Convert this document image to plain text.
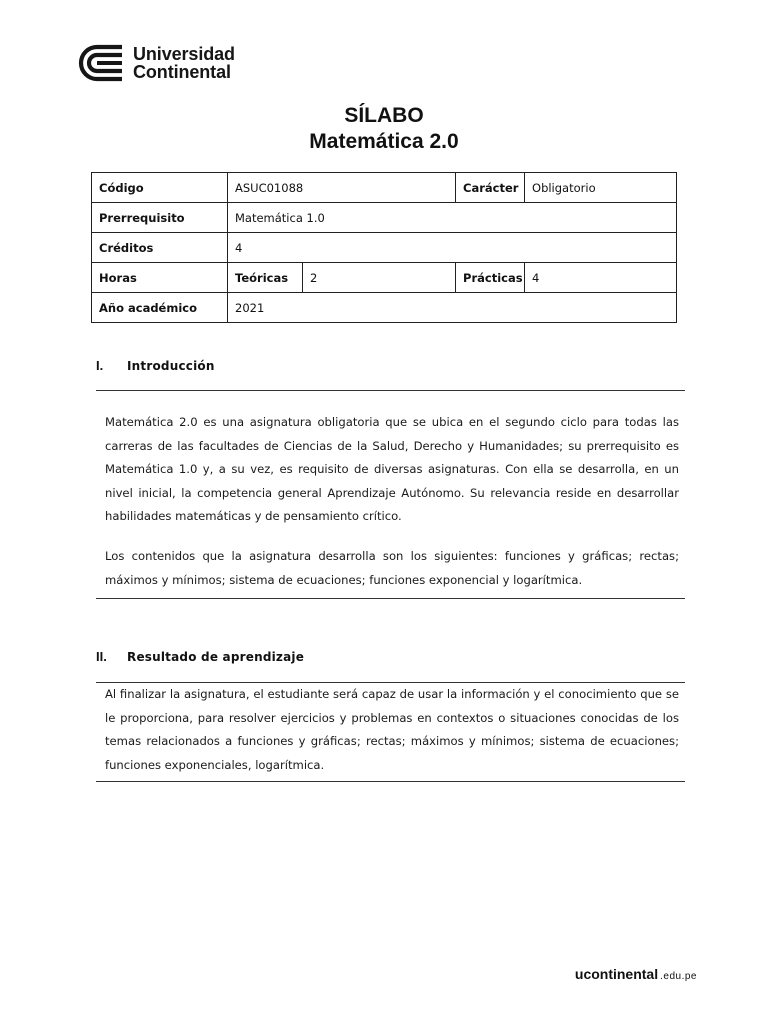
Universidad
Continental
SÍLABO
Matemática 2.0
Código	ASUC01088		Carácter	Obligatorio
Prerrequisito	Matemática 1.0			
Créditos	4			
Horas	Teóricas	2	Prácticas	4
Año académico	2021			
I.	Introducción
Matemática 2.0 es una asignatura obligatoria que se ubica en el segundo ciclo para todas las carreras de las facultades de Ciencias de la Salud, Derecho y Humanidades; su prerrequisito es Matemática 1.0 y, a su vez, es requisito de diversas asignaturas. Con ella se desarrolla, en un nivel inicial, la competencia general Aprendizaje Autónomo. Su relevancia reside en desarrollar habilidades matemáticas y de pensamiento crítico.
Los contenidos que la asignatura desarrolla son los siguientes: funciones y gráficas; rectas; máximos y mínimos; sistema de ecuaciones; funciones exponencial y logarítmica.
II.	Resultado de aprendizaje
Al finalizar la asignatura, el estudiante será capaz de usar la información y el conocimiento que se le proporciona, para resolver ejercicios y problemas en contextos o situaciones conocidas de los temas relacionados a funciones y gráficas; rectas; máximos y mínimos; sistema de ecuaciones; funciones exponenciales, logarítmica.
ucontinental .edu.pe
